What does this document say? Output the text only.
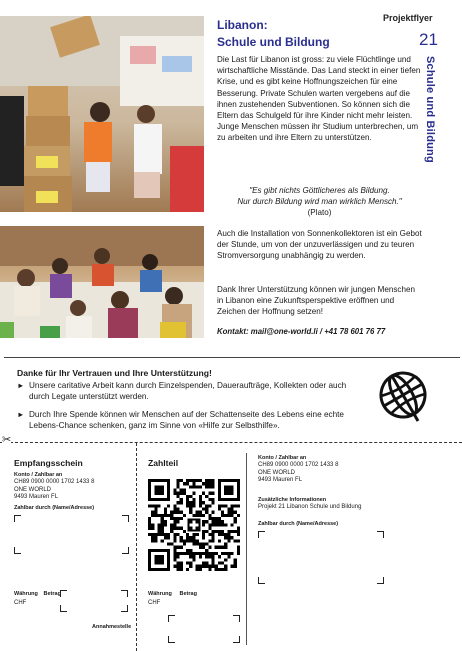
Projektflyer
21
Schule und Bildung
Libanon:
Schule und Bildung
Die Last für Libanon ist gross: zu viele Flüchtlinge und wirtschaftliche Misstände. Das Land steckt in einer tiefen Krise, und es gibt keine Hoffnungszeichen für eine Besserung. Private Schulen warten vergebens auf die ihnen zustehenden Subventionen. So können sich die Eltern das Schulgeld für ihre Kinder nicht mehr leisten. Junge Menschen müssen ihr Studium unterbrechen, um zu arbeiten und ihre Eltern zu unterstützen.
"Es gibt nichts Göttlicheres als Bildung.
Nur durch Bildung wird man wirklich Mensch."
(Plato)
Auch die Installation von Sonnenkollektoren ist ein Gebot der Stunde, um von der unzuverlässigen und zu teuren Stromversorgung unabhängig zu werden.
Dank Ihrer Unterstützung können wir jungen Menschen in Libanon eine Zukunftsperspektive eröffnen und Zeichen der Hoffnung setzen!
Kontakt: mail@one-world.li / +41 78 601 76 77
Danke für Ihr Vertrauen und Ihre Unterstützung!
► Unsere caritative Arbeit kann durch Einzelspenden, Daueraufträge, Kollekten oder auch durch Legate unterstützt werden.
► Durch Ihre Spende können wir Menschen auf der Schattenseite des Lebens eine echte Lebens-Chance schenken, ganz im Sinne von «Hilfe zur Selbsthilfe».
✂
Empfangsschein
Konto / Zahlbar an
CH89 0900 0000 1702 1433 8
ONE WORLD
9493 Mauren FL
Zahlbar durch (Name/Adresse)
Währung Betrag
CHF
Annahmestelle
Zahlteil
Währung Betrag
CHF
Konto / Zahlbar an
CH89 0900 0000 1702 1433 8
ONE WORLD
9493 Mauren FL
Zusätzliche Informationen
Projekt 21 Libanon Schule und Bildung
Zahlbar durch (Name/Adresse)
